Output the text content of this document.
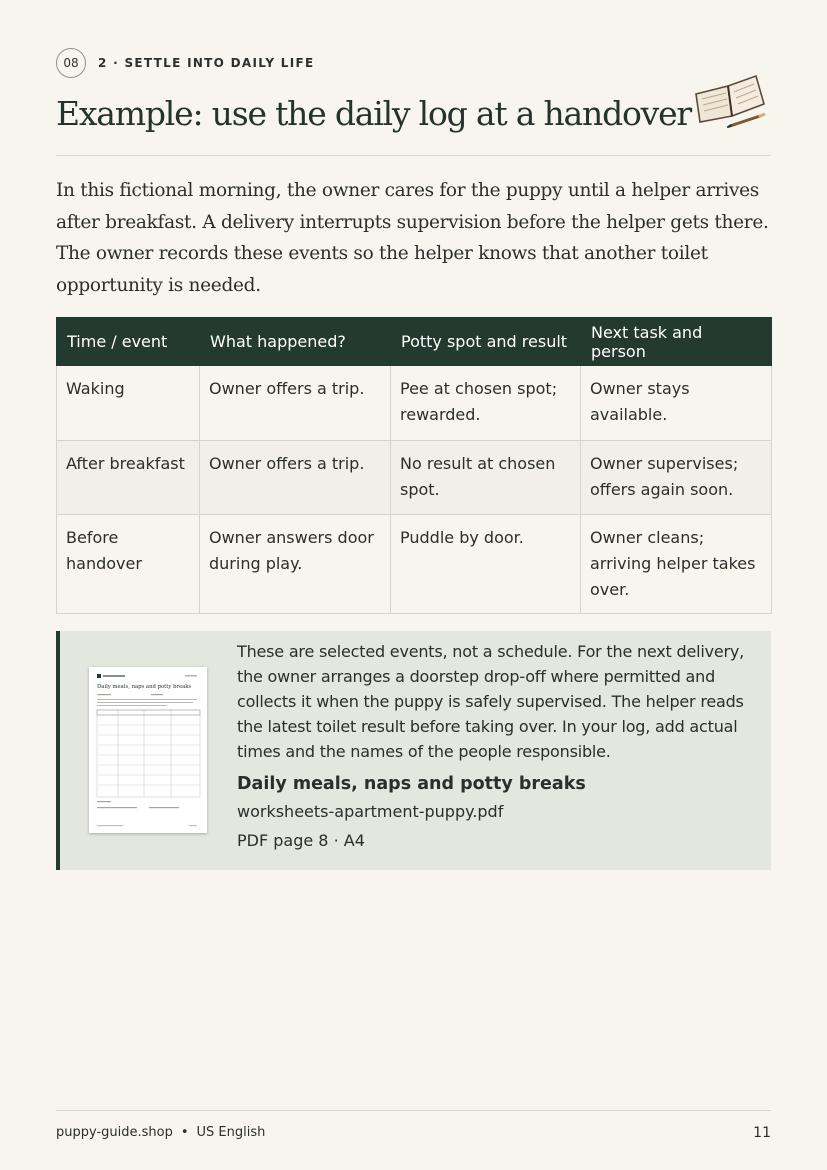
08	2 · SETTLE INTO DAILY LIFE
Example: use the daily log at a handover

In this fictional morning, the owner cares for the puppy until a helper arrives after breakfast. A delivery interrupts supervision before the helper gets there. The owner records these events so the helper knows that another toilet opportunity is needed.

Time / event	What happened?	Potty spot and result	Next task and person
Waking	Owner offers a trip.	Pee at chosen spot; rewarded.	Owner stays available.
After breakfast	Owner offers a trip.	No result at chosen spot.	Owner supervises; offers again soon.
Before handover	Owner answers door during play.	Puddle by door.	Owner cleans; arriving helper takes over.
Daily meals, naps and potty breaks

These are selected events, not a schedule. For the next delivery, the owner arranges a doorstep drop-off where permitted and collects it when the puppy is safely supervised. The helper reads the latest toilet result before taking over. In your log, add actual times and the names of the people responsible.

Daily meals, naps and potty breaks

worksheets-apartment-puppy.pdf

PDF page 8 · A4

puppy-guide.shop • US English	11
